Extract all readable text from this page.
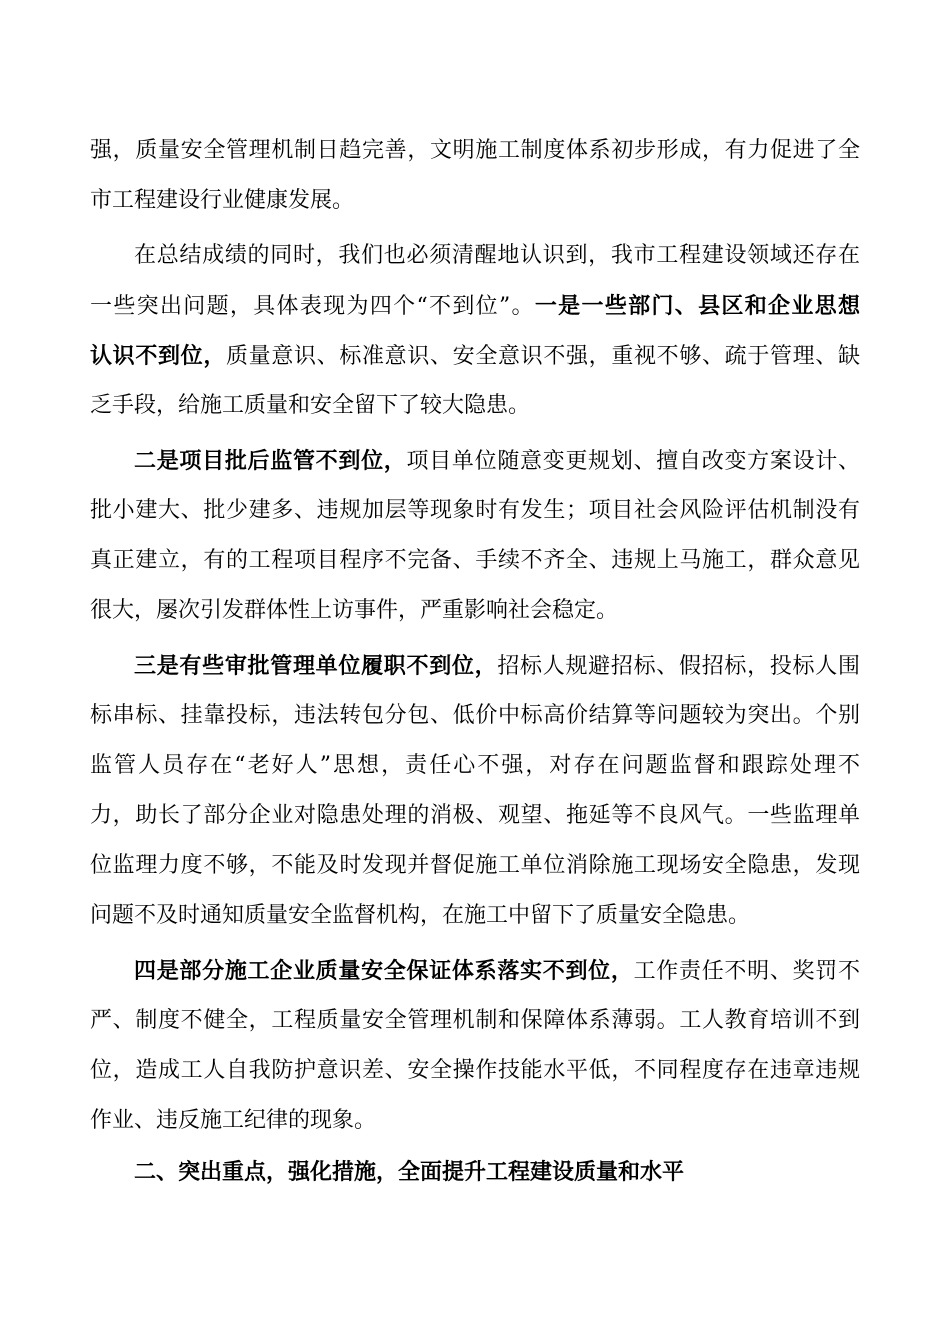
强，质量安全管理机制日趋完善，文明施工制度体系初步形成，有力促进了全
市工程建设行业健康发展。
在总结成绩的同时，我们也必须清醒地认识到，我市工程建设领域还存在
一些突出问题，具体表现为四个“不到位”。一是一些部门、县区和企业思想
认识不到位，质量意识、标准意识、安全意识不强，重视不够、疏于管理、缺
乏手段，给施工质量和安全留下了较大隐患。
二是项目批后监管不到位，项目单位随意变更规划、擅自改变方案设计、
批小建大、批少建多、违规加层等现象时有发生；项目社会风险评估机制没有
真正建立，有的工程项目程序不完备、手续不齐全、违规上马施工，群众意见
很大，屡次引发群体性上访事件，严重影响社会稳定。
三是有些审批管理单位履职不到位，招标人规避招标、假招标，投标人围
标串标、挂靠投标，违法转包分包、低价中标高价结算等问题较为突出。个别
监管人员存在“老好人”思想，责任心不强，对存在问题监督和跟踪处理不
力，助长了部分企业对隐患处理的消极、观望、拖延等不良风气。一些监理单
位监理力度不够，不能及时发现并督促施工单位消除施工现场安全隐患，发现
问题不及时通知质量安全监督机构，在施工中留下了质量安全隐患。
四是部分施工企业质量安全保证体系落实不到位，工作责任不明、奖罚不
严、制度不健全，工程质量安全管理机制和保障体系薄弱。工人教育培训不到
位，造成工人自我防护意识差、安全操作技能水平低，不同程度存在违章违规
作业、违反施工纪律的现象。
二、突出重点，强化措施，全面提升工程建设质量和水平
